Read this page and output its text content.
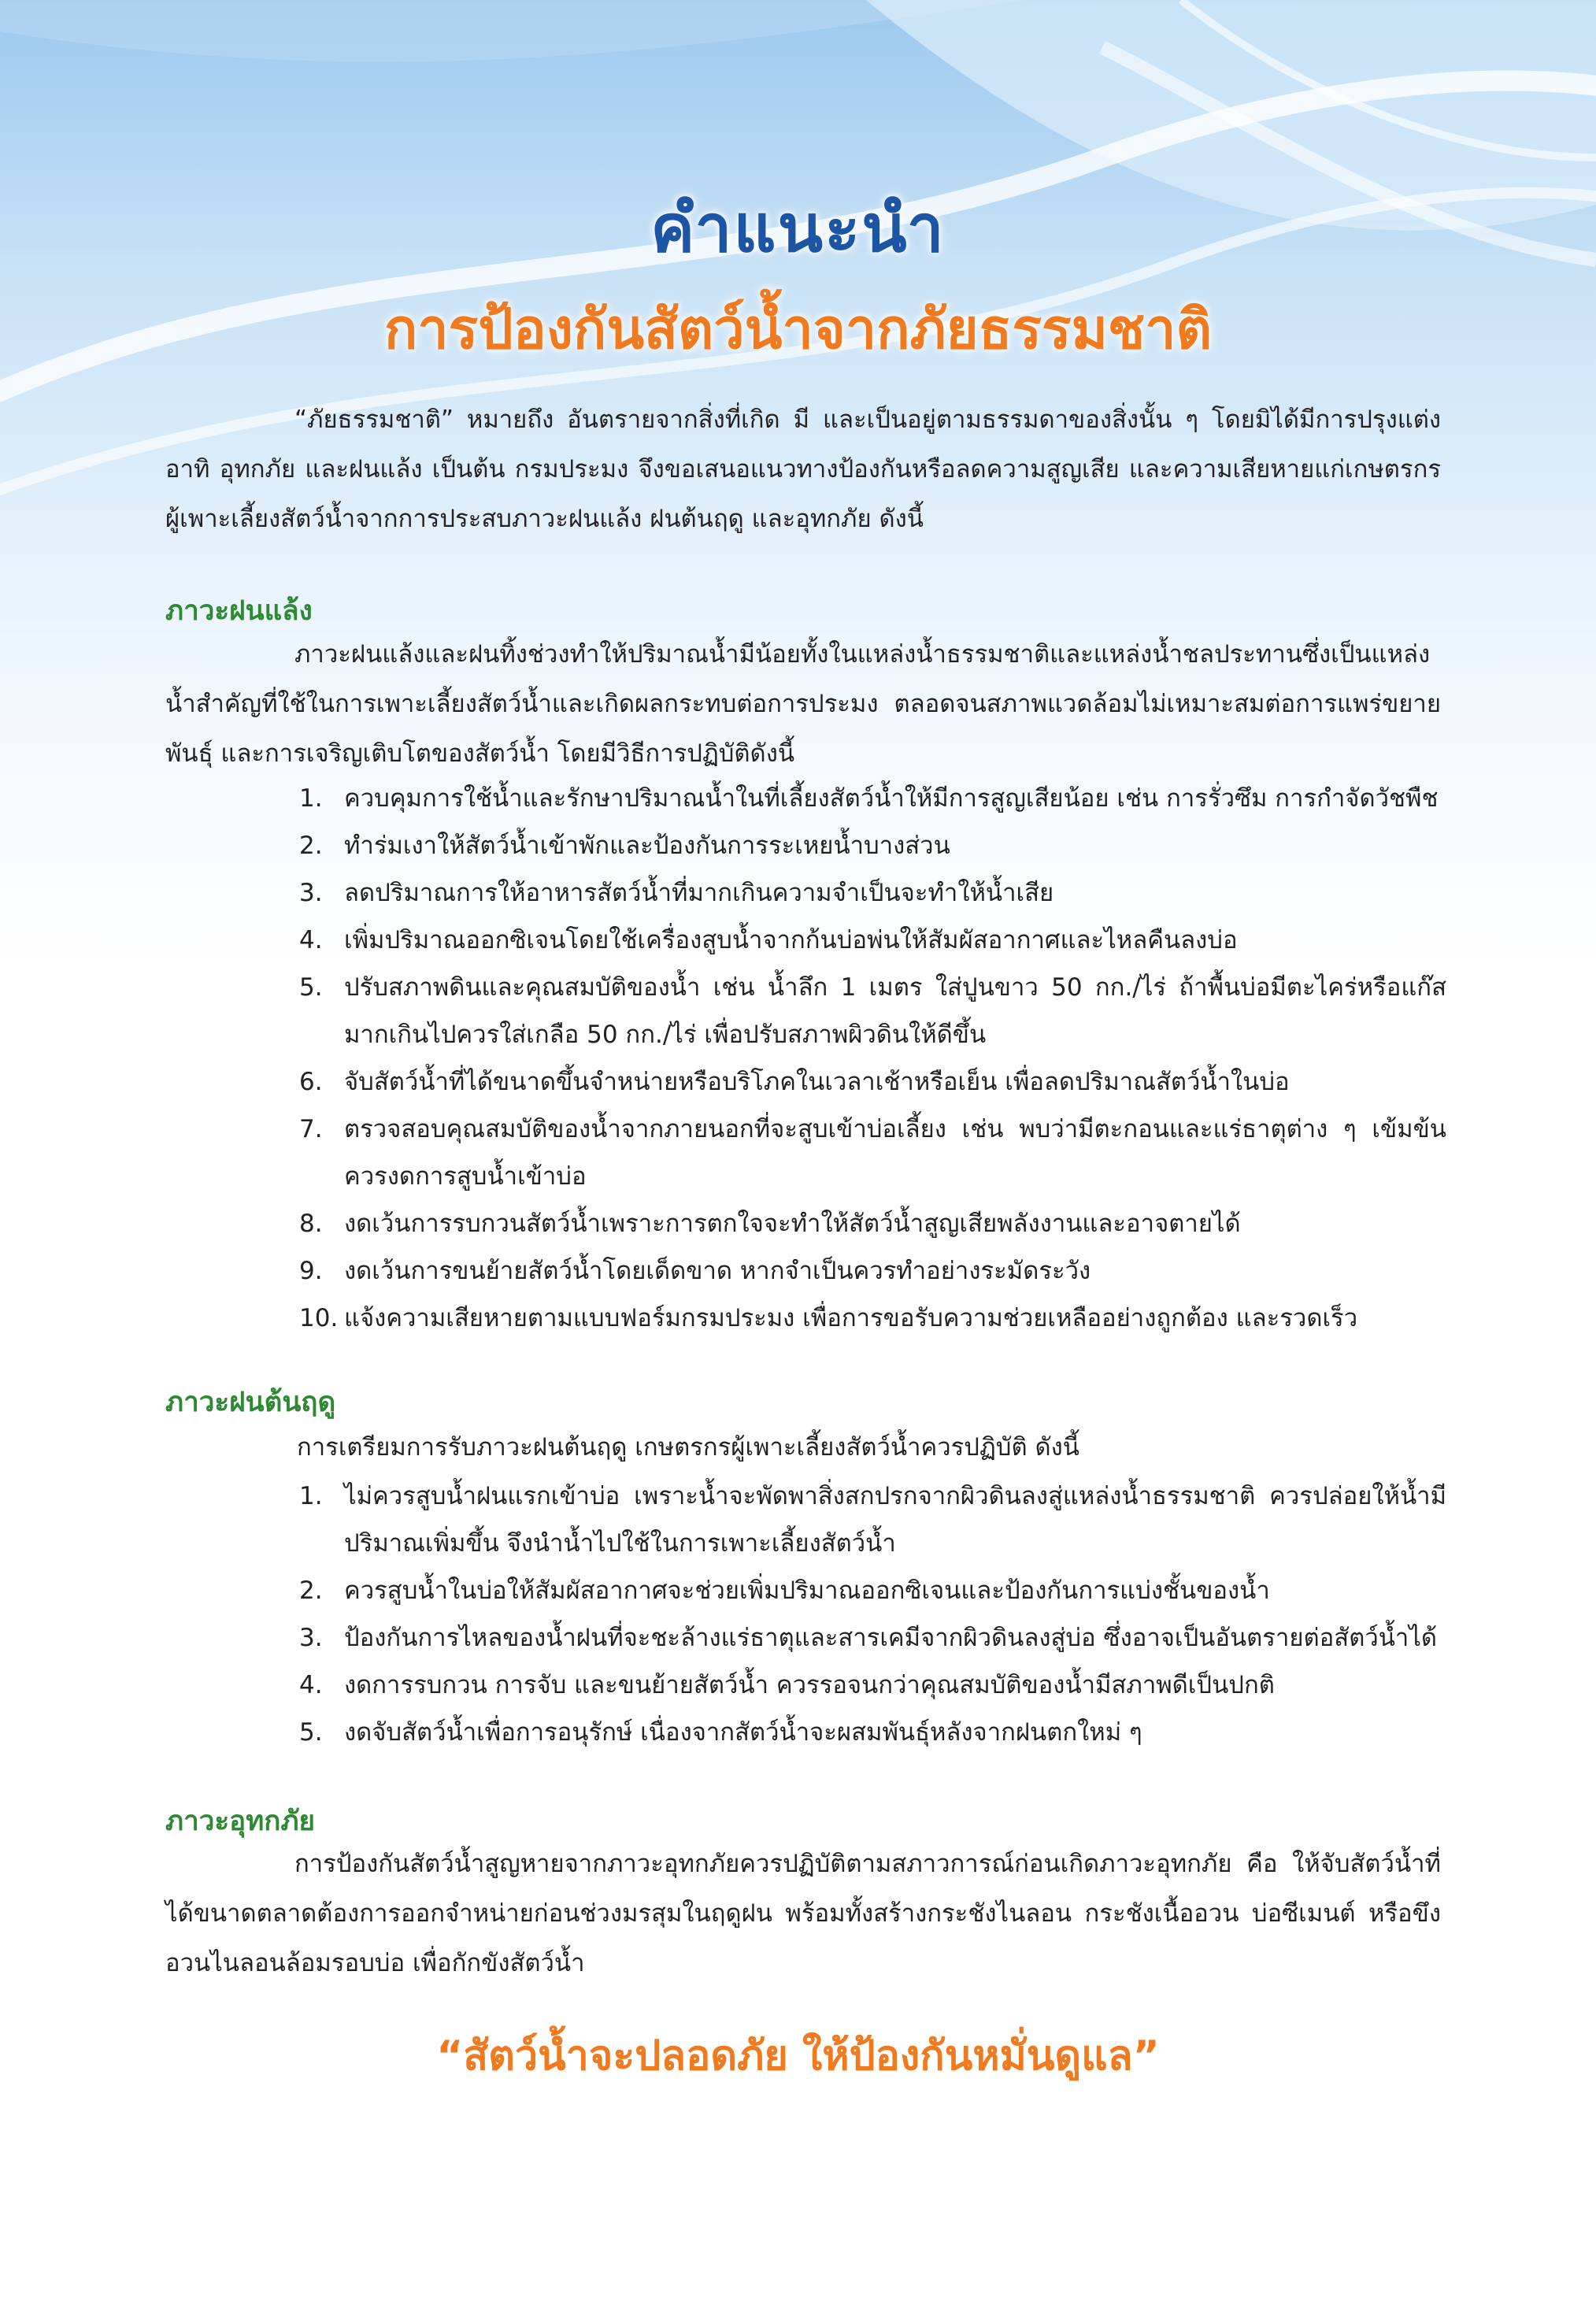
คำแนะนำ
การป้องกันสัตว์น้ำจากภัยธรรมชาติ
“ภัยธรรมชาติ” หมายถึง อันตรายจากสิ่งที่เกิด มี และเป็นอยู่ตามธรรมดาของสิ่งนั้น ๆ โดยมิได้มีการปรุงแต่ง อาทิ อุทกภัย และฝนแล้ง เป็นต้น กรมประมง จึงขอเสนอแนวทางป้องกันหรือลดความสูญเสีย และความเสียหายแก่เกษตรกรผู้เพาะเลี้ยงสัตว์น้ำจากการประสบภาวะฝนแล้ง ฝนต้นฤดู และอุทกภัย ดังนี้
ภาวะฝนแล้ง
ภาวะฝนแล้งและฝนทิ้งช่วงทำให้ปริมาณน้ำมีน้อยทั้งในแหล่งน้ำธรรมชาติและแหล่งน้ำชลประทานซึ่งเป็นแหล่งน้ำสำคัญที่ใช้ในการเพาะเลี้ยงสัตว์น้ำและเกิดผลกระทบต่อการประมง ตลอดจนสภาพแวดล้อมไม่เหมาะสมต่อการแพร่ขยายพันธุ์ และการเจริญเติบโตของสัตว์น้ำ โดยมีวิธีการปฏิบัติดังนี้
1. ควบคุมการใช้น้ำและรักษาปริมาณน้ำในที่เลี้ยงสัตว์น้ำให้มีการสูญเสียน้อย เช่น การรั่วซึม การกำจัดวัชพืช
2. ทำร่มเงาให้สัตว์น้ำเข้าพักและป้องกันการระเหยน้ำบางส่วน
3. ลดปริมาณการให้อาหารสัตว์น้ำที่มากเกินความจำเป็นจะทำให้น้ำเสีย
4. เพิ่มปริมาณออกซิเจนโดยใช้เครื่องสูบน้ำจากก้นบ่อพ่นให้สัมผัสอากาศและไหลคืนลงบ่อ
5. ปรับสภาพดินและคุณสมบัติของน้ำ เช่น น้ำลึก 1 เมตร ใส่ปูนขาว 50 กก./ไร่ ถ้าพื้นบ่อมีตะไคร่หรือแก๊สมากเกินไปควรใส่เกลือ 50 กก./ไร่ เพื่อปรับสภาพผิวดินให้ดีขึ้น
6. จับสัตว์น้ำที่ได้ขนาดขึ้นจำหน่ายหรือบริโภคในเวลาเช้าหรือเย็น เพื่อลดปริมาณสัตว์น้ำในบ่อ
7. ตรวจสอบคุณสมบัติของน้ำจากภายนอกที่จะสูบเข้าบ่อเลี้ยง เช่น พบว่ามีตะกอนและแร่ธาตุต่าง ๆ เข้มข้น ควรงดการสูบน้ำเข้าบ่อ
8. งดเว้นการรบกวนสัตว์น้ำเพราะการตกใจจะทำให้สัตว์น้ำสูญเสียพลังงานและอาจตายได้
9. งดเว้นการขนย้ายสัตว์น้ำโดยเด็ดขาด หากจำเป็นควรทำอย่างระมัดระวัง
10. แจ้งความเสียหายตามแบบฟอร์มกรมประมง เพื่อการขอรับความช่วยเหลืออย่างถูกต้อง และรวดเร็ว
ภาวะฝนต้นฤดู
การเตรียมการรับภาวะฝนต้นฤดู เกษตรกรผู้เพาะเลี้ยงสัตว์น้ำควรปฏิบัติ ดังนี้
1. ไม่ควรสูบน้ำฝนแรกเข้าบ่อ เพราะน้ำจะพัดพาสิ่งสกปรกจากผิวดินลงสู่แหล่งน้ำธรรมชาติ ควรปล่อยให้น้ำมีปริมาณเพิ่มขึ้น จึงนำน้ำไปใช้ในการเพาะเลี้ยงสัตว์น้ำ
2. ควรสูบน้ำในบ่อให้สัมผัสอากาศจะช่วยเพิ่มปริมาณออกซิเจนและป้องกันการแบ่งชั้นของน้ำ
3. ป้องกันการไหลของน้ำฝนที่จะชะล้างแร่ธาตุและสารเคมีจากผิวดินลงสู่บ่อ ซึ่งอาจเป็นอันตรายต่อสัตว์น้ำได้
4. งดการรบกวน การจับ และขนย้ายสัตว์น้ำ ควรรอจนกว่าคุณสมบัติของน้ำมีสภาพดีเป็นปกติ
5. งดจับสัตว์น้ำเพื่อการอนุรักษ์ เนื่องจากสัตว์น้ำจะผสมพันธุ์หลังจากฝนตกใหม่ ๆ
ภาวะอุทกภัย
การป้องกันสัตว์น้ำสูญหายจากภาวะอุทกภัยควรปฏิบัติตามสภาวการณ์ก่อนเกิดภาวะอุทกภัย คือ ให้จับสัตว์น้ำที่ได้ขนาดตลาดต้องการออกจำหน่ายก่อนช่วงมรสุมในฤดูฝน พร้อมทั้งสร้างกระชังไนลอน กระชังเนื้ออวน บ่อซีเมนต์ หรือขึงอวนไนลอนล้อมรอบบ่อ เพื่อกักขังสัตว์น้ำ
“สัตว์น้ำจะปลอดภัย ให้ป้องกันหมั่นดูแล”
